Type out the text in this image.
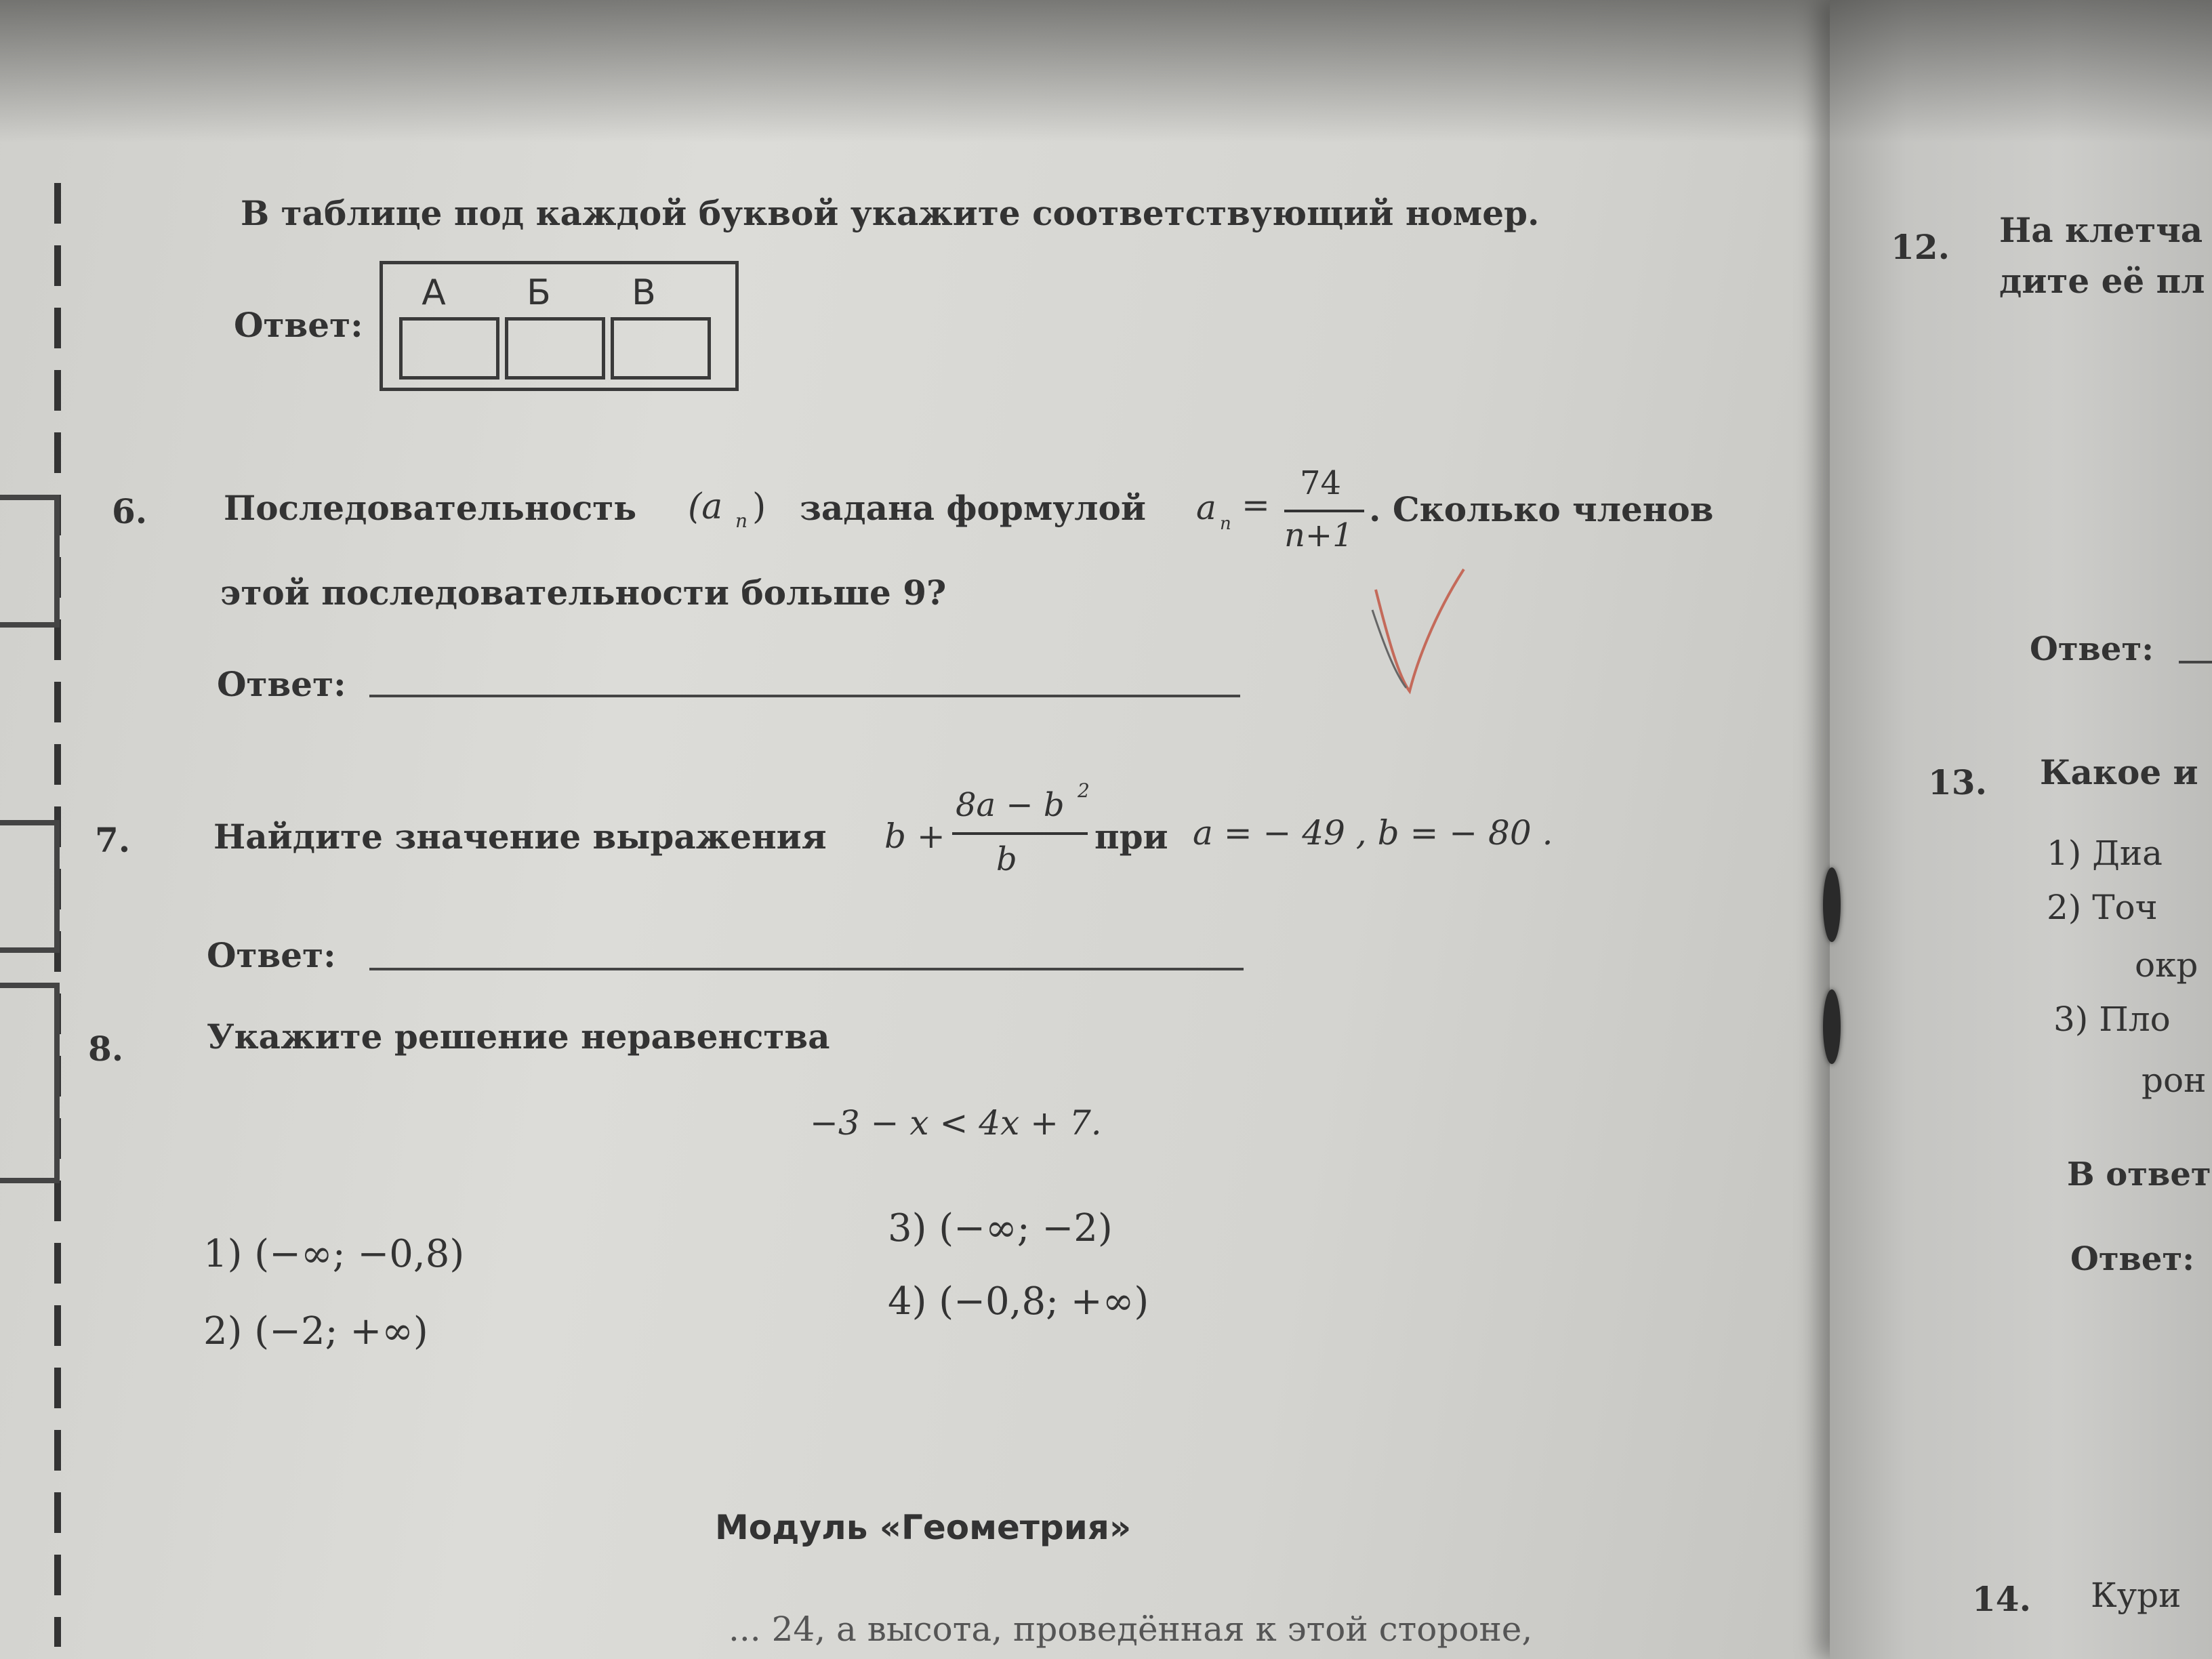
В таблице под каждой буквой укажите соответствующий номер.
Ответ:
А	Б	В
6. Последовательность (a n ) задана формулой a n =
74
n+1
. Сколько членов
этой последовательности больше 9?
Ответ:
7. Найдите значение выражения b +
8a − b 2
b
при a = − 49 , b = − 80 .
Ответ:
8. Укажите решение неравенства
−3 − x < 4x + 7.
1) (−∞; −0,8)
2) (−2; +∞)
3) (−∞; −2)
4) (−0,8; +∞)
Модуль «Геометрия»
... 24, а высота, проведённая к этой стороне,
12. На клетча
дите её пл
Ответ:
13. Какое и
1) Диа
2) Точ
окр
3) Пло
рон
В ответ
Ответ:
14. Кури
